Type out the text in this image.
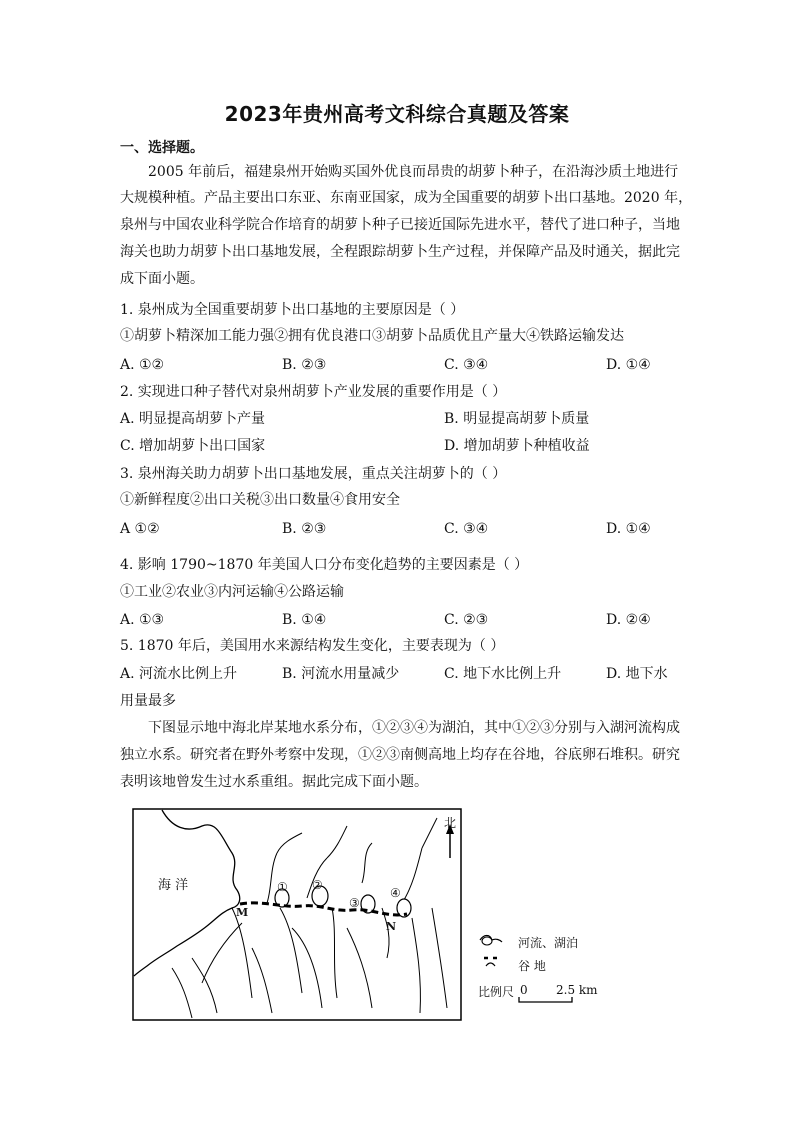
2023年贵州高考文科综合真题及答案
一、选择题。
2005 年前后，福建泉州开始购买国外优良而昂贵的胡萝卜种子，在沿海沙质土地进行
大规模种植。产品主要出口东亚、东南亚国家，成为全国重要的胡萝卜出口基地。2020 年，
泉州与中国农业科学院合作培育的胡萝卜种子已接近国际先进水平，替代了进口种子，当地
海关也助力胡萝卜出口基地发展，全程跟踪胡萝卜生产过程，并保障产品及时通关，据此完
成下面小题。
1. 泉州成为全国重要胡萝卜出口基地的主要原因是（ ）
①胡萝卜精深加工能力强②拥有优良港口③胡萝卜品质优且产量大④铁路运输发达
A. ①②	B. ②③	C. ③④	D. ①④
2. 实现进口种子替代对泉州胡萝卜产业发展的重要作用是（ ）
A. 明显提高胡萝卜产量	B. 明显提高胡萝卜质量
C. 增加胡萝卜出口国家	D. 增加胡萝卜种植收益
3. 泉州海关助力胡萝卜出口基地发展，重点关注胡萝卜的（ ）
①新鲜程度②出口关税③出口数量④食用安全
A ①②	B. ②③	C. ③④	D. ①④
4. 影响 1790~1870 年美国人口分布变化趋势的主要因素是（ ）
①工业②农业③内河运输④公路运输
A. ①③	B. ①④	C. ②③	D. ②④
5. 1870 年后，美国用水来源结构发生变化，主要表现为（ ）
A. 河流水比例上升	B. 河流水用量减少	C. 地下水比例上升	D. 地下水
用量最多
下图显示地中海北岸某地水系分布，①②③④为湖泊，其中①②③分别与入湖河流构成
独立水系。研究者在野外考察中发现，①②③南侧高地上均存在谷地，谷底卵石堆积。研究
表明该地曾发生过水系重组。据此完成下面小题。
北
海 洋	① ②
③
④
M
N
河流、湖泊
谷 地
比例尺 0 2.5 km
